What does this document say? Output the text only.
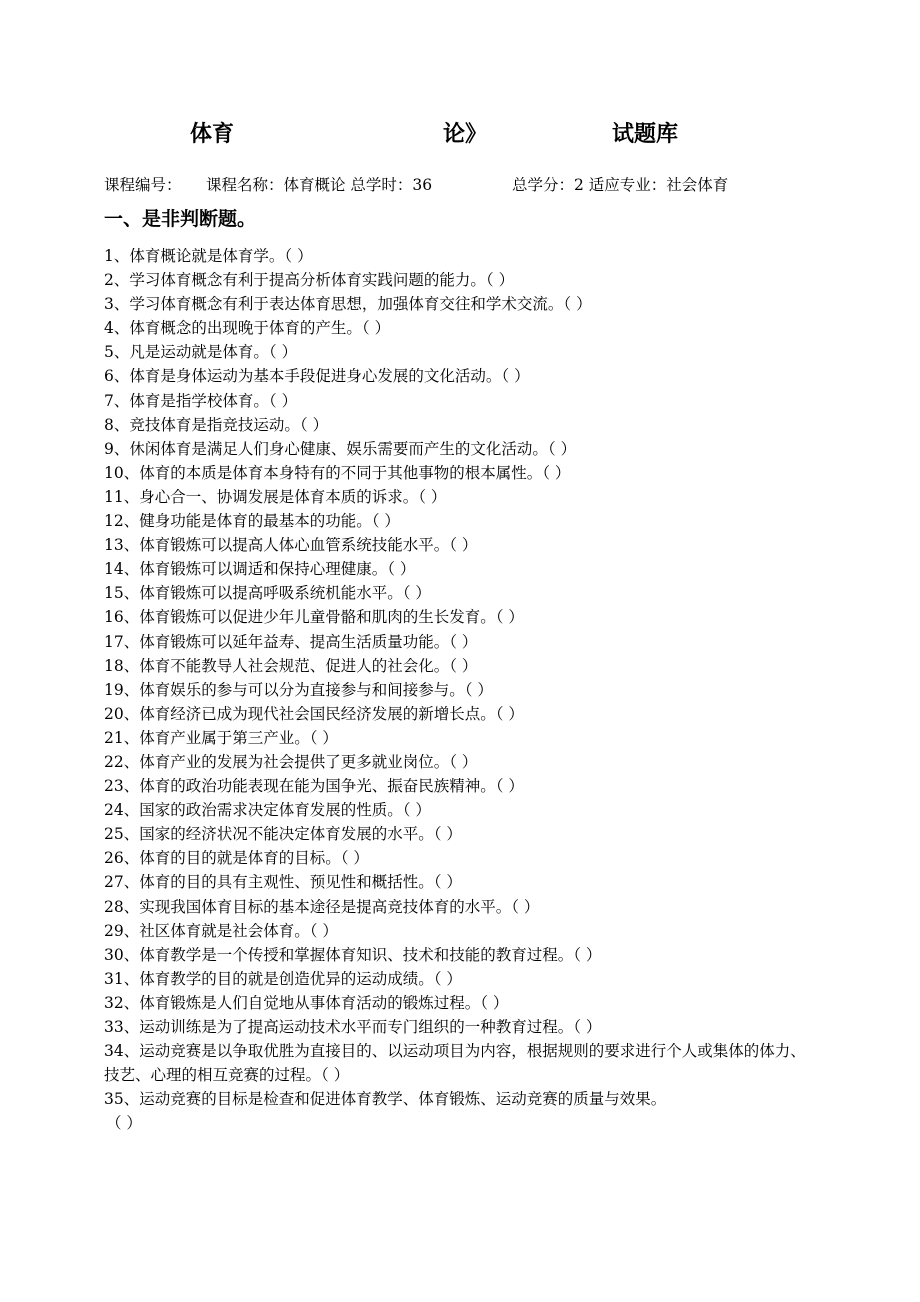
体育	论》	试题库
课程编号： 课程名称：体育概论 总学时：36	总学分：2 适应专业：社会体育
一、是非判断题。
1、体育概论就是体育学。（ ）
2、学习体育概念有利于提高分析体育实践问题的能力。（ ）
3、学习体育概念有利于表达体育思想，加强体育交往和学术交流。（ ）
4、体育概念的出现晚于体育的产生。（ ）
5、凡是运动就是体育。（ ）
6、体育是身体运动为基本手段促进身心发展的文化活动。（ ）
7、体育是指学校体育。（ ）
8、竞技体育是指竞技运动。（ ）
9、休闲体育是满足人们身心健康、娱乐需要而产生的文化活动。（ ）
10、体育的本质是体育本身特有的不同于其他事物的根本属性。（ ）
11、身心合一、协调发展是体育本质的诉求。（ ）
12、健身功能是体育的最基本的功能。（ ）
13、体育锻炼可以提高人体心血管系统技能水平。（ ）
14、体育锻炼可以调适和保持心理健康。（ ）
15、体育锻炼可以提高呼吸系统机能水平。（ ）
16、体育锻炼可以促进少年儿童骨骼和肌肉的生长发育。（ ）
17、体育锻炼可以延年益寿、提高生活质量功能。（ ）
18、体育不能教导人社会规范、促进人的社会化。（ ）
19、体育娱乐的参与可以分为直接参与和间接参与。（ ）
20、体育经济已成为现代社会国民经济发展的新增长点。（ ）
21、体育产业属于第三产业。（ ）
22、体育产业的发展为社会提供了更多就业岗位。（ ）
23、体育的政治功能表现在能为国争光、振奋民族精神。（ ）
24、国家的政治需求决定体育发展的性质。（ ）
25、国家的经济状况不能决定体育发展的水平。（ ）
26、体育的目的就是体育的目标。（ ）
27、体育的目的具有主观性、预见性和概括性。（ ）
28、实现我国体育目标的基本途径是提高竞技体育的水平。（ ）
29、社区体育就是社会体育。（ ）
30、体育教学是一个传授和掌握体育知识、技术和技能的教育过程。（ ）
31、体育教学的目的就是创造优异的运动成绩。（ ）
32、体育锻炼是人们自觉地从事体育活动的锻炼过程。（ ）
33、运动训练是为了提高运动技术水平而专门组织的一种教育过程。（ ）
34、运动竞赛是以争取优胜为直接目的、以运动项目为内容，根据规则的要求进行个人或集体的体力、技艺、心理的相互竞赛的过程。（ ）
35、运动竞赛的目标是检查和促进体育教学、体育锻炼、运动竞赛的质量与效果。
（ ）
